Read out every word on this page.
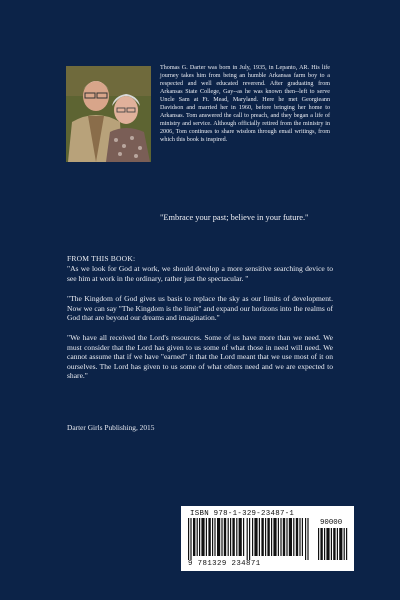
Thomas G. Darter was born in July, 1935, in Lepanto, AR. His life journey takes him from being an humble Arkansas farm boy to a respected and well educated reverend. After graduating from Arkansas State College, Gay--as he was known then--left to serve Uncle Sam at Ft. Mead, Maryland. Here he met Georgieann Davidson and married her in 1960, before bringing her home to Arkansas. Tom answered the call to preach, and they began a life of ministry and service. Although officially retired from the ministry in 2006, Tom continues to share wisdom through email writings, from which this book is inspired.
"Embrace your past; believe in your future."
FROM THIS BOOK:

"As we look for God at work, we should develop a more sensitive searching device to see him at work in the ordinary, rather just the spectacular. "

"The Kingdom of God gives us basis to replace the sky as our limits of development. Now we can say "The Kingdom is the limit" and expand our horizons into the realms of God that are beyond our dreams and imagination."

"We have all received the Lord's resources. Some of us have more than we need. We must consider that the Lord has given to us some of what those in need will need. We cannot assume that if we have "earned" it that the Lord meant that we use most of it on ourselves. The Lord has given to us some of what others need and we are expected to share."

Darter Girls Publishing, 2015
ISBN 978-1-329-23487-1
90000
9 781329 234871
